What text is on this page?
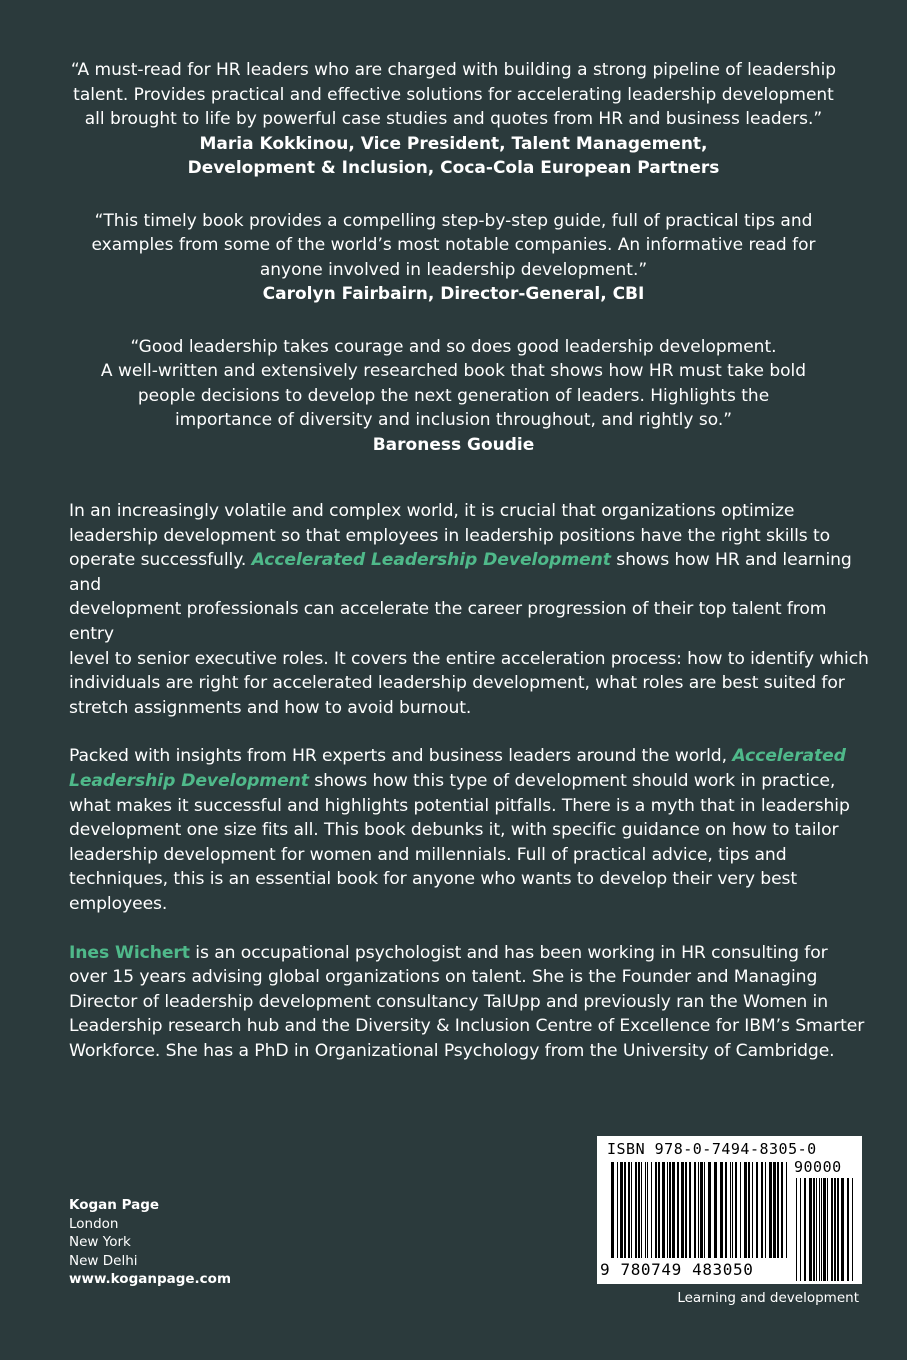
“A must-read for HR leaders who are charged with building a strong pipeline of leadership
talent. Provides practical and effective solutions for accelerating leadership development
all brought to life by powerful case studies and quotes from HR and business leaders.”
Maria Kokkinou, Vice President, Talent Management,
Development & Inclusion, Coca-Cola European Partners
“This timely book provides a compelling step-by-step guide, full of practical tips and
examples from some of the world’s most notable companies. An informative read for
anyone involved in leadership development.”
Carolyn Fairbairn, Director-General, CBI
“Good leadership takes courage and so does good leadership development.
A well-written and extensively researched book that shows how HR must take bold
people decisions to develop the next generation of leaders. Highlights the
importance of diversity and inclusion throughout, and rightly so.”
Baroness Goudie

In an increasingly volatile and complex world, it is crucial that organizations optimize
leadership development so that employees in leadership positions have the right skills to
operate successfully. Accelerated Leadership Development shows how HR and learning and
development professionals can accelerate the career progression of their top talent from entry
level to senior executive roles. It covers the entire acceleration process: how to identify which
individuals are right for accelerated leadership development, what roles are best suited for
stretch assignments and how to avoid burnout.

Packed with insights from HR experts and business leaders around the world, Accelerated Leadership Development shows how this type of development should work in practice, what makes it successful and highlights potential pitfalls. There is a myth that in leadership development one size fits all. This book debunks it, with specific guidance on how to tailor leadership development for women and millennials. Full of practical advice, tips and techniques, this is an essential book for anyone who wants to develop their very best employees.

Ines Wichert is an occupational psychologist and has been working in HR consulting for over 15 years advising global organizations on talent. She is the Founder and Managing Director of leadership development consultancy TalUpp and previously ran the Women in Leadership research hub and the Diversity & Inclusion Centre of Excellence for IBM’s Smarter Workforce. She has a PhD in Organizational Psychology from the University of Cambridge.

Kogan Page
London
New York
New Delhi
www.koganpage.com
ISBN 978-0-7494-8305-0
90000
9 780749 483050
Learning and development
